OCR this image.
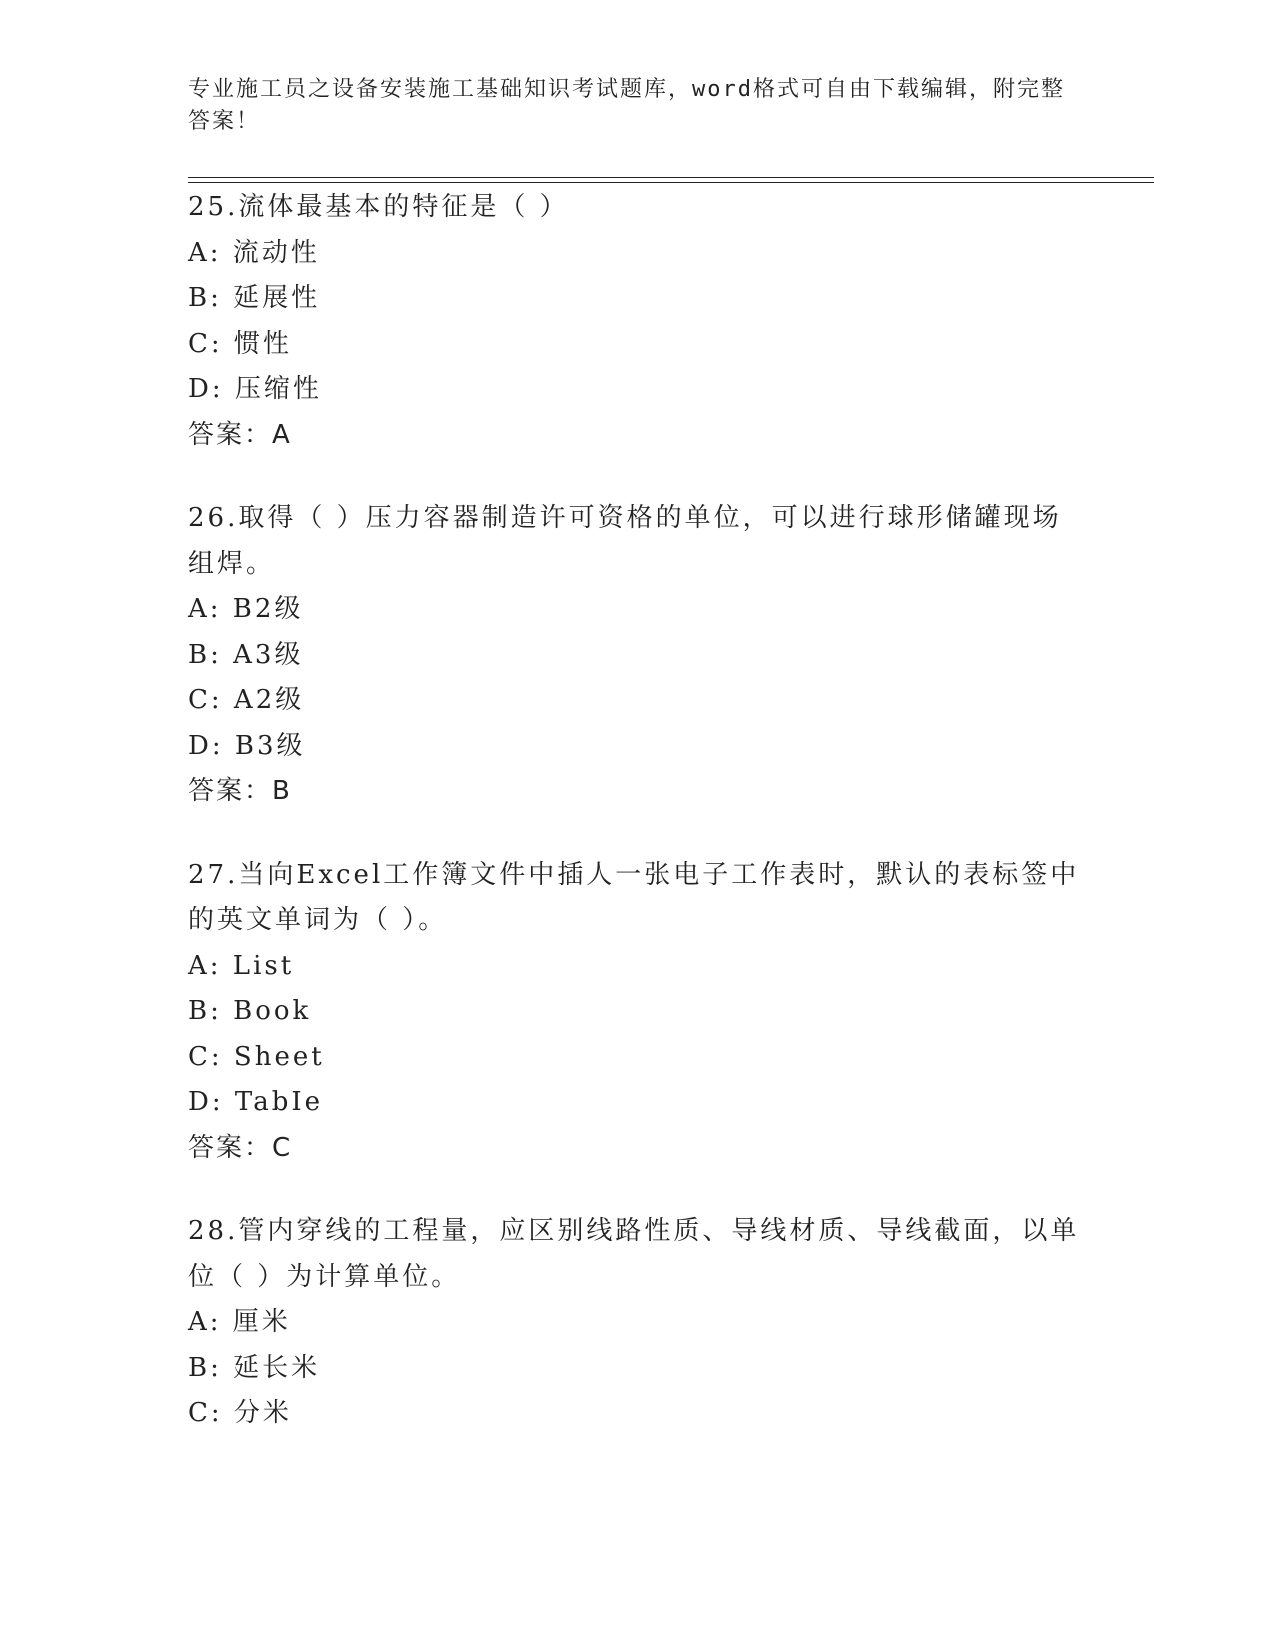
专业施工员之设备安装施工基础知识考试题库，word格式可自由下载编辑，附完整答案！
25.流体最基本的特征是（ ）
A: 流动性
B: 延展性
C: 惯性
D: 压缩性
答案：A
26.取得（ ）压力容器制造许可资格的单位，可以进行球形储罐现场组焊。
A: B2级
B: A3级
C: A2级
D: B3级
答案：B
27.当向Excel工作簿文件中插人一张电子工作表时，默认的表标签中的英文单词为（ ）。
A: List
B: Book
C: Sheet
D: TabIe
答案：C
28.管内穿线的工程量，应区别线路性质、导线材质、导线截面，以单位（ ）为计算单位。
A: 厘米
B: 延长米
C: 分米
